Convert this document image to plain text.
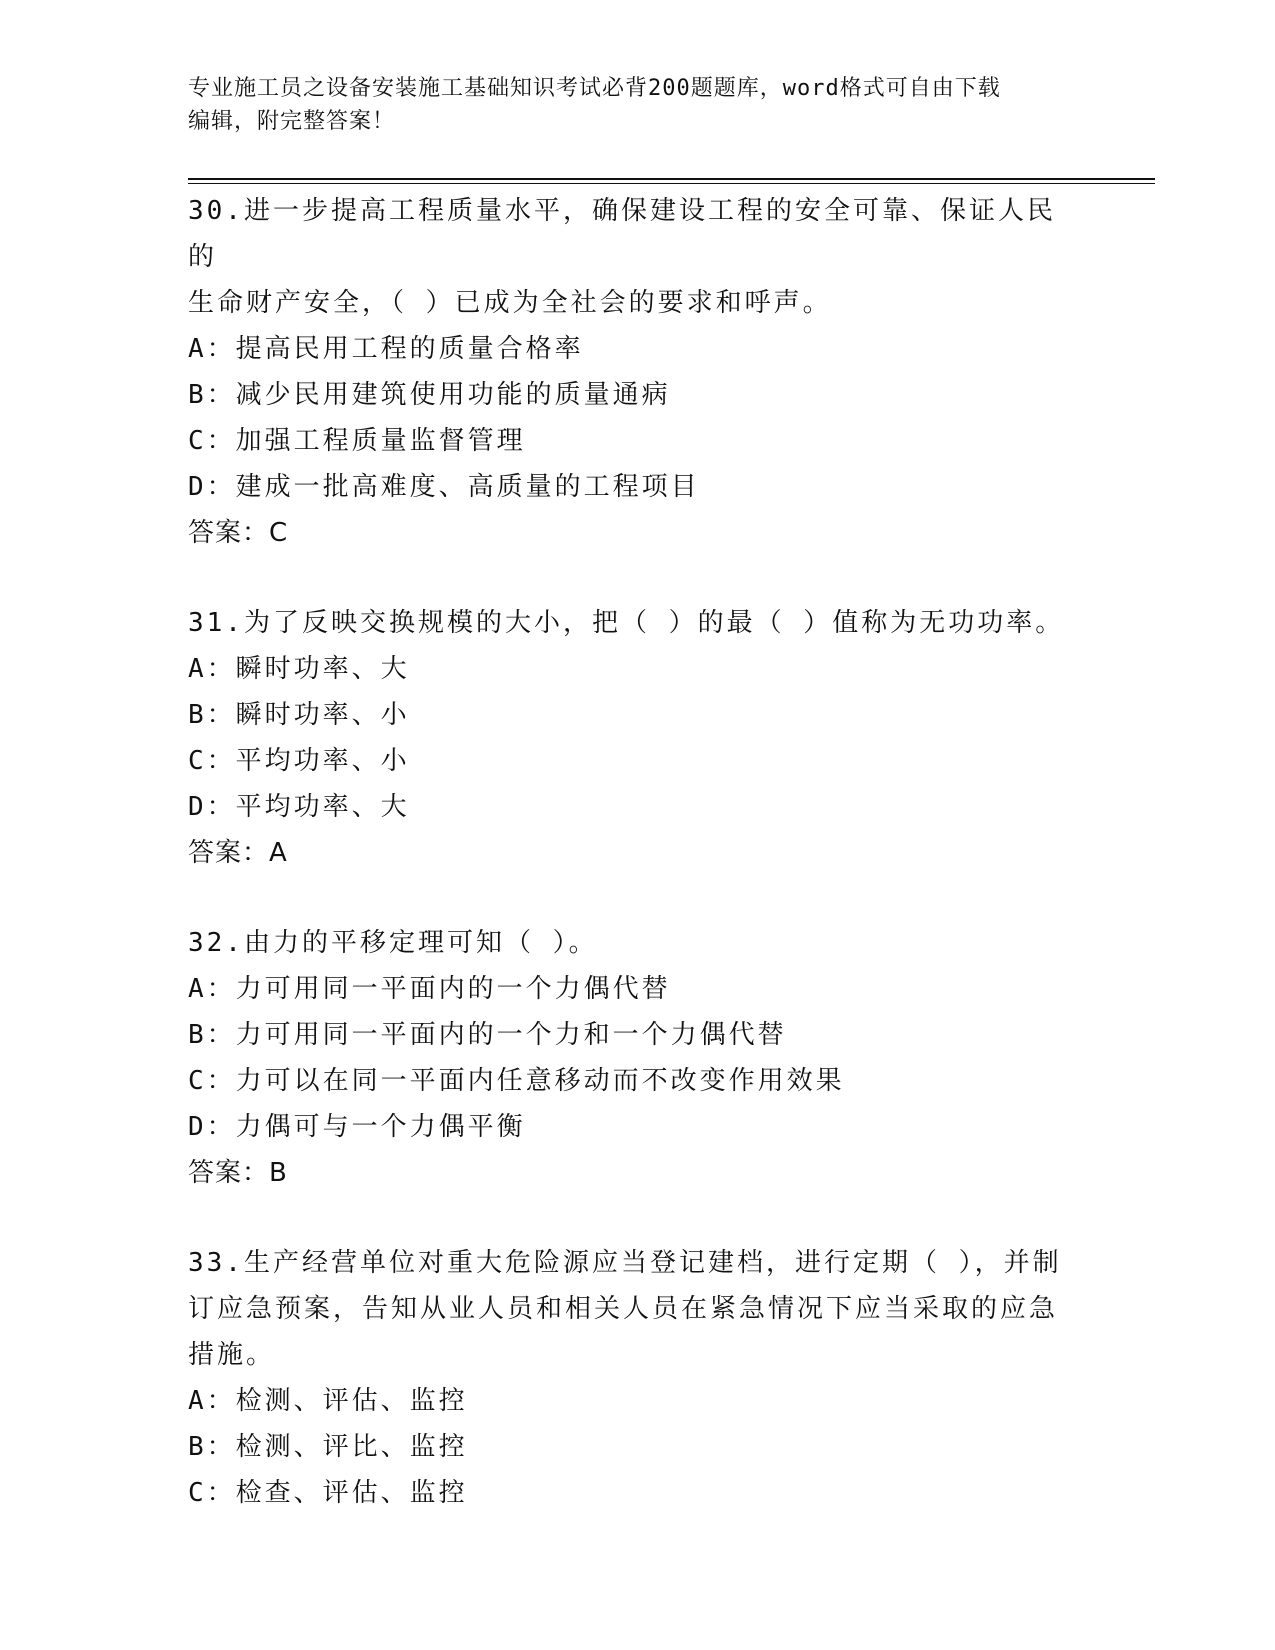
专业施工员之设备安装施工基础知识考试必背200题题库，word格式可自由下载
编辑，附完整答案！
30.进一步提高工程质量水平，确保建设工程的安全可靠、保证人民的
生命财产安全，（ ）已成为全社会的要求和呼声。
A：提高民用工程的质量合格率
B：减少民用建筑使用功能的质量通病
C：加强工程质量监督管理
D：建成一批高难度、高质量的工程项目
答案：C
31.为了反映交换规模的大小，把（ ）的最（ ）值称为无功功率。
A：瞬时功率、大
B：瞬时功率、小
C：平均功率、小
D：平均功率、大
答案：A
32.由力的平移定理可知（ ）。
A：力可用同一平面内的一个力偶代替
B：力可用同一平面内的一个力和一个力偶代替
C：力可以在同一平面内任意移动而不改变作用效果
D：力偶可与一个力偶平衡
答案：B
33.生产经营单位对重大危险源应当登记建档，进行定期（ ），并制
订应急预案，告知从业人员和相关人员在紧急情况下应当采取的应急
措施。
A：检测、评估、监控
B：检测、评比、监控
C：检查、评估、监控
